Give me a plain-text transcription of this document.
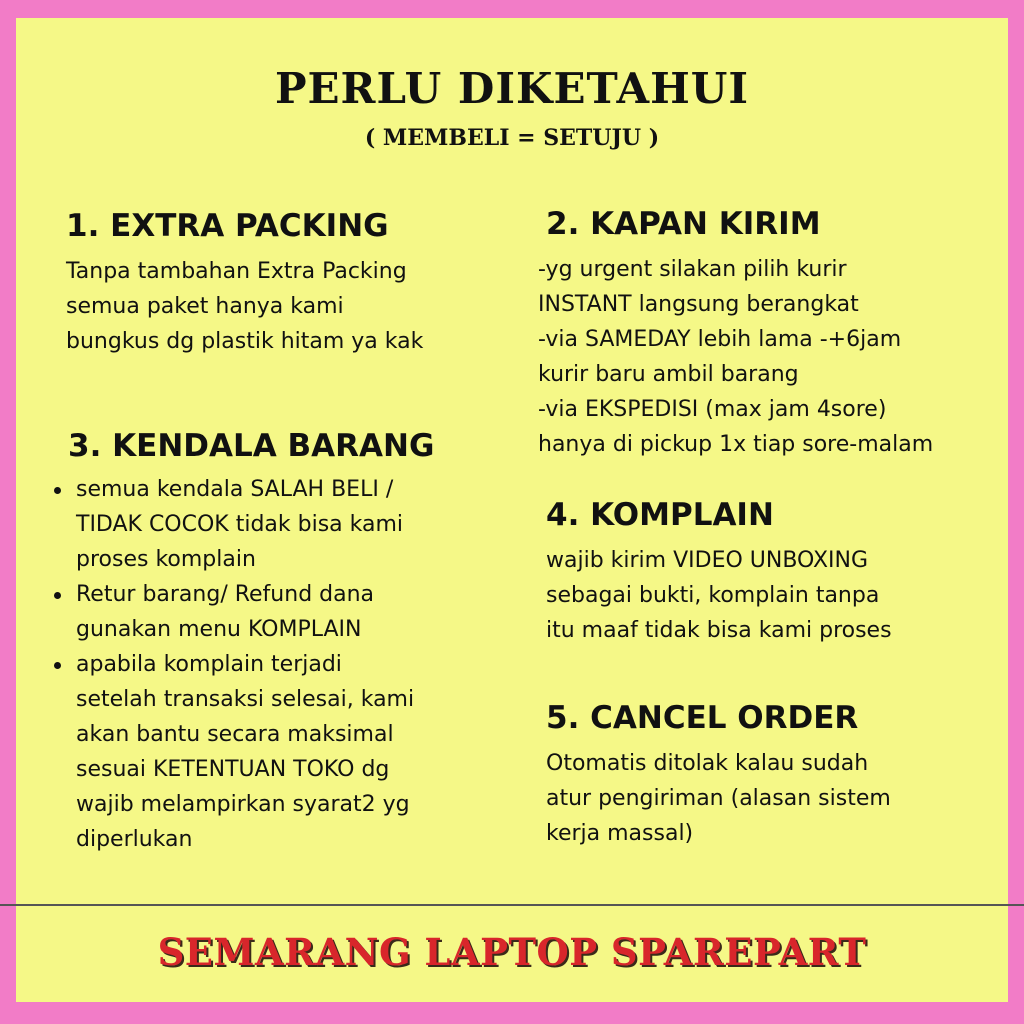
PERLU DIKETAHUI
( MEMBELI = SETUJU )
1. EXTRA PACKING

Tanpa tambahan Extra Packing

semua paket hanya kami

bungkus dg plastik hitam ya kak

2. KAPAN KIRIM

-yg urgent silakan pilih kurir

INSTANT langsung berangkat

-via SAMEDAY lebih lama -+6jam

kurir baru ambil barang

-via EKSPEDISI (max jam 4sore)

hanya di pickup 1x tiap sore-malam

3. KENDALA BARANG
semua kendala SALAH BELI /
TIDAK COCOK tidak bisa kami
proses komplain
Retur barang/ Refund dana
gunakan menu KOMPLAIN
apabila komplain terjadi
setelah transaksi selesai, kami
akan bantu secara maksimal
sesuai KETENTUAN TOKO dg
wajib melampirkan syarat2 yg
diperlukan
4. KOMPLAIN

wajib kirim VIDEO UNBOXING

sebagai bukti, komplain tanpa

itu maaf tidak bisa kami proses

5. CANCEL ORDER

Otomatis ditolak kalau sudah

atur pengiriman (alasan sistem

kerja massal)

SEMARANG LAPTOP SPAREPART
